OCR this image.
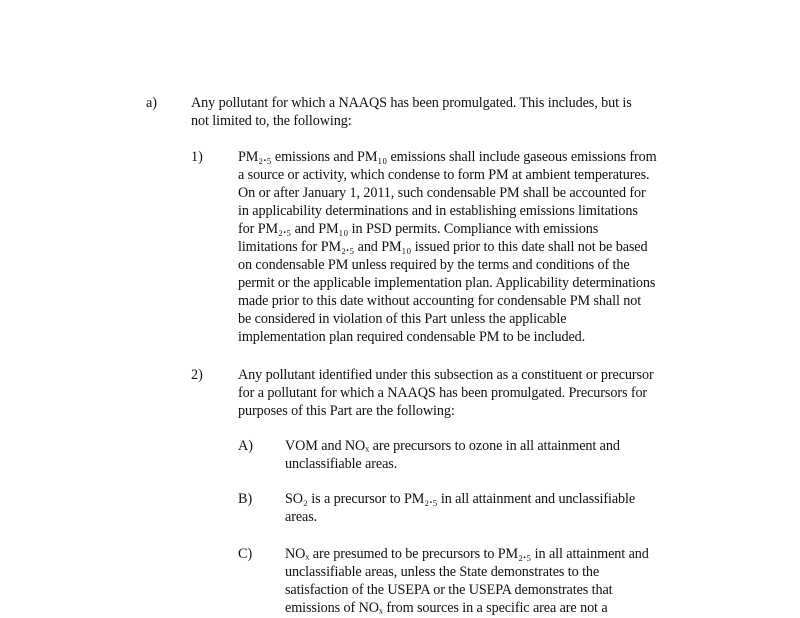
a) Any pollutant for which a NAAQS has been promulgated. This includes, but is
not limited to, the following:
1) PM₂.₅ emissions and PM₁₀ emissions shall include gaseous emissions from
a source or activity, which condense to form PM at ambient temperatures.
On or after January 1, 2011, such condensable PM shall be accounted for
in applicability determinations and in establishing emissions limitations
for PM₂.₅ and PM₁₀ in PSD permits. Compliance with emissions
limitations for PM₂.₅ and PM₁₀ issued prior to this date shall not be based
on condensable PM unless required by the terms and conditions of the
permit or the applicable implementation plan. Applicability determinations
made prior to this date without accounting for condensable PM shall not
be considered in violation of this Part unless the applicable
implementation plan required condensable PM to be included.
2) Any pollutant identified under this subsection as a constituent or precursor
for a pollutant for which a NAAQS has been promulgated. Precursors for
purposes of this Part are the following:
A) VOM and NOₓ are precursors to ozone in all attainment and
unclassifiable areas.
B) SO₂ is a precursor to PM₂.₅ in all attainment and unclassifiable
areas.
C) NOₓ are presumed to be precursors to PM₂.₅ in all attainment and
unclassifiable areas, unless the State demonstrates to the
satisfaction of the USEPA or the USEPA demonstrates that
emissions of NOₓ from sources in a specific area are not a
